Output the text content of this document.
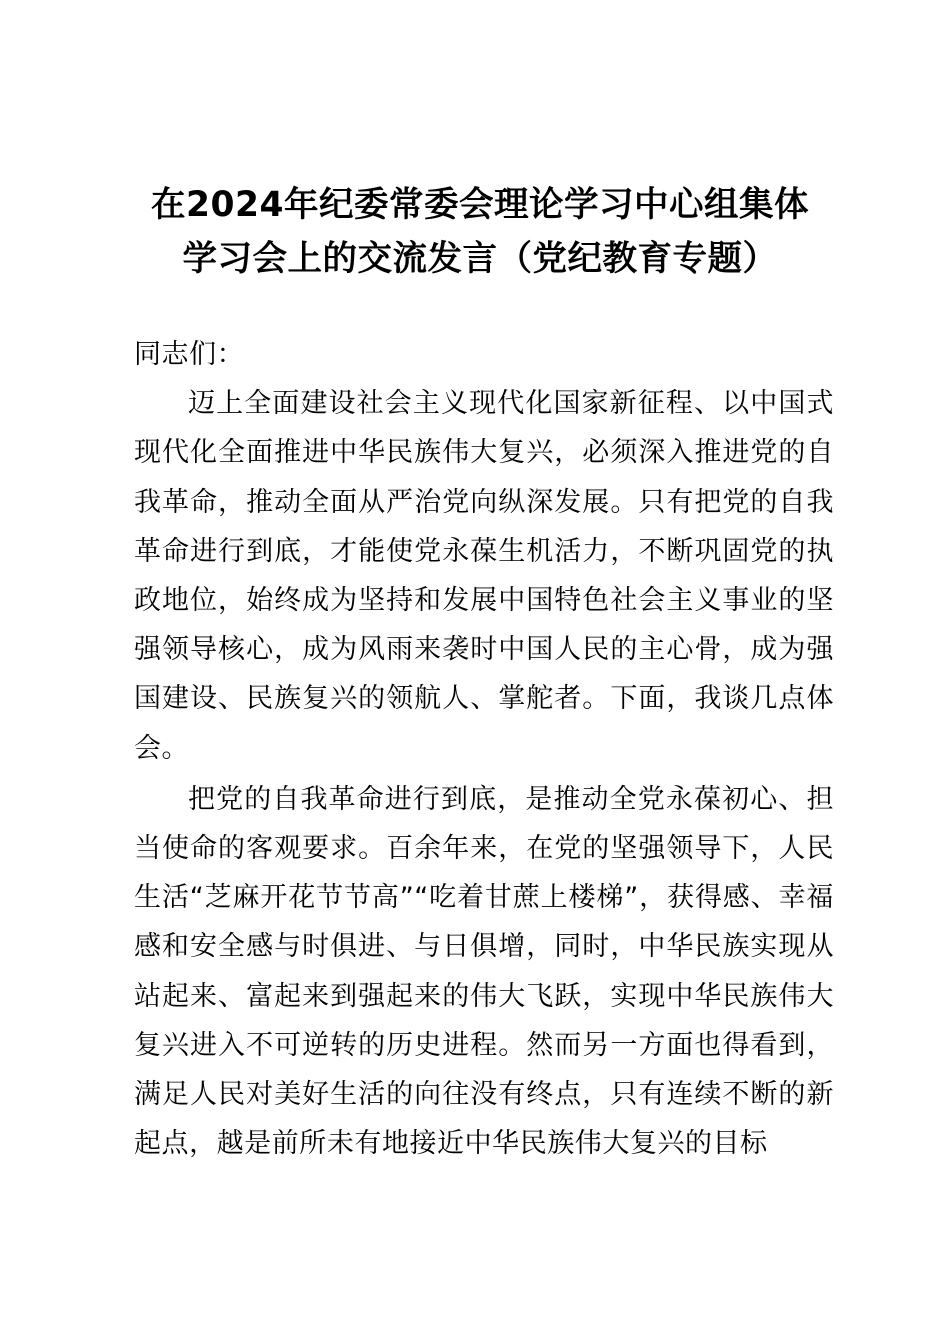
在2024年纪委常委会理论学习中心组集体
学习会上的交流发言（党纪教育专题）

同志们：

迈上全面建设社会主义现代化国家新征程、以中国式现代化全面推进中华民族伟大复兴，必须深入推进党的自我革命，推动全面从严治党向纵深发展。只有把党的自我革命进行到底，才能使党永葆生机活力，不断巩固党的执政地位，始终成为坚持和发展中国特色社会主义事业的坚强领导核心，成为风雨来袭时中国人民的主心骨，成为强国建设、民族复兴的领航人、掌舵者。下面，我谈几点体会。

把党的自我革命进行到底，是推动全党永葆初心、担当使命的客观要求。百余年来，在党的坚强领导下，人民生活“芝麻开花节节高”“吃着甘蔗上楼梯”，获得感、幸福感和安全感与时俱进、与日俱增，同时，中华民族实现从站起来、富起来到强起来的伟大飞跃，实现中华民族伟大复兴进入不可逆转的历史进程。然而另一方面也得看到，满足人民对美好生活的向往没有终点，只有连续不断的新起点，越是前所未有地接近中华民族伟大复兴的目标
